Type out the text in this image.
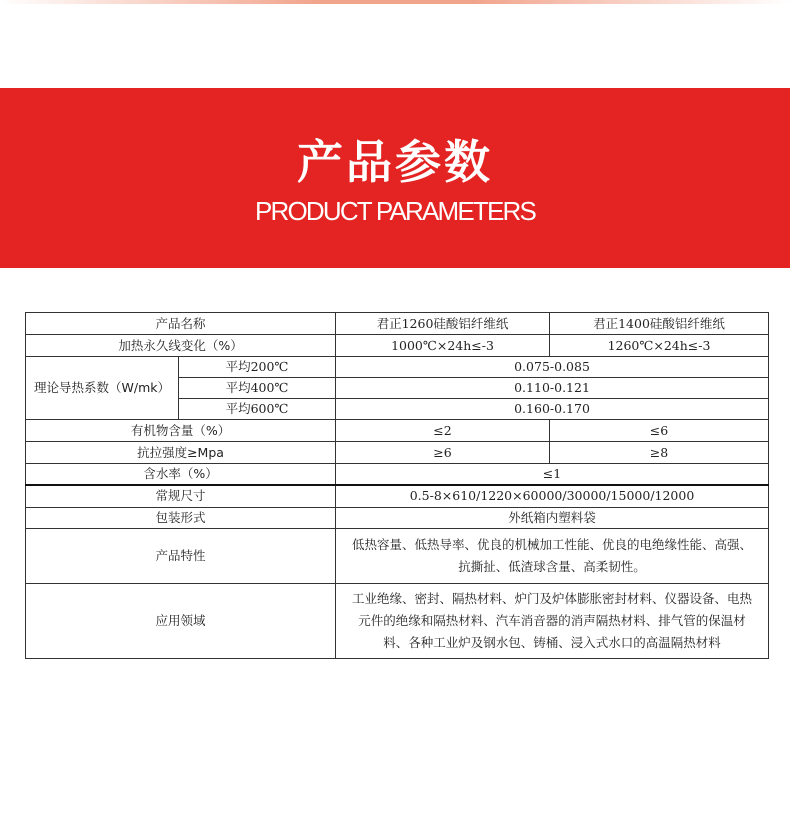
产品参数
PRODUCT PARAMETERS
产品名称		君正1260硅酸铝纤维纸	君正1400硅酸铝纤维纸
加热永久线变化（%）		1000℃×24h≤-3	1260℃×24h≤-3
理论导热系数（W/mk）	平均200℃	0.075-0.085	
	平均400℃	0.110-0.121	
	平均600℃	0.160-0.170	
有机物含量（%）		≤2	≤6
抗拉强度≥Mpa		≥6	≥8
含水率（%）		≤1	
常规尺寸		0.5-8×610/1220×60000/30000/15000/12000	
包装形式		外纸箱内塑料袋	
产品特性		低热容量、低热导率、优良的机械加工性能、优良的电绝缘性能、高强、抗撕扯、低渣球含量、高柔韧性。	
应用领域		工业绝缘、密封、隔热材料、炉门及炉体膨胀密封材料、仪器设备、电热元件的绝缘和隔热材料、汽车消音器的消声隔热材料、排气管的保温材料、各种工业炉及钢水包、铸桶、浸入式水口的高温隔热材料	
